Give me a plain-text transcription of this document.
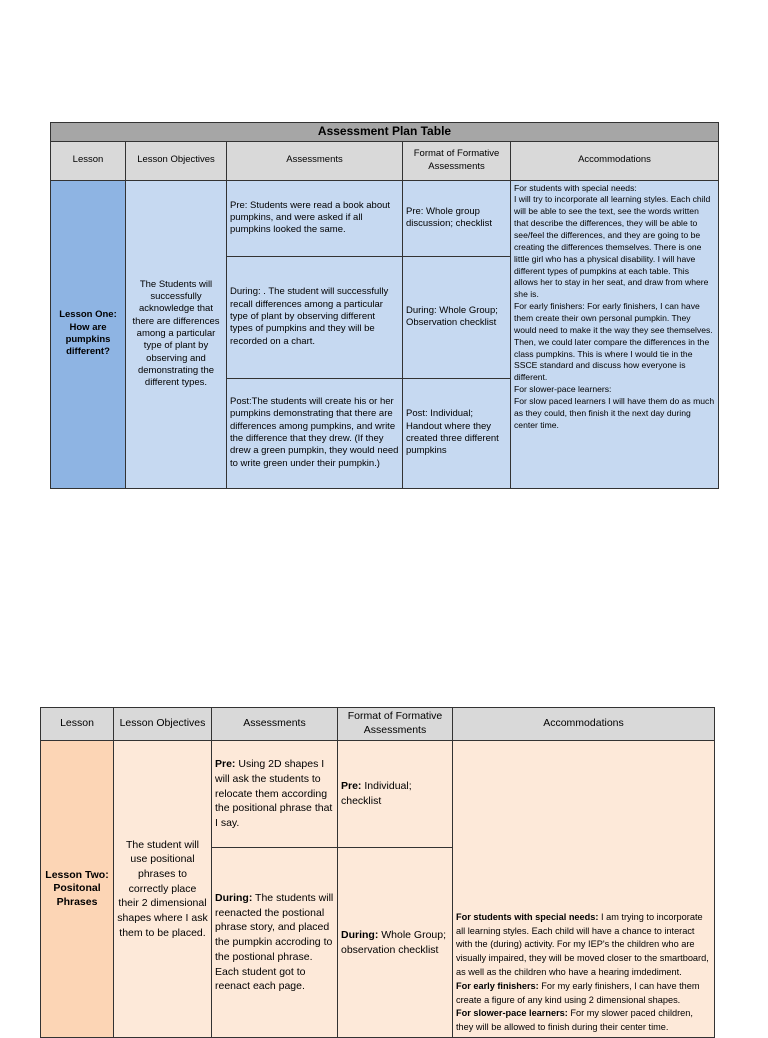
Assessment Plan Table				
Lesson	Lesson Objectives	Assessments	Format of Formative Assessments	Accommodations
Lesson One: How are pumpkins different?	The Students will successfully acknowledge that there are differences among a particular type of plant by observing and demonstrating the different types.	Pre: Students were read a book about pumpkins, and were asked if all pumpkins looked the same.	Pre: Whole group discussion; checklist	For students with special needs:
I will try to incorporate all learning styles. Each child will be able to see the text, see the words written that describe the differences, they will be able to see/feel the differences, and they are going to be creating the differences themselves. There is one little girl who has a physical disability. I will have different types of pumpkins at each table. This allows her to stay in her seat, and draw from where she is.
For early finishers: For early finishers, I can have them create their own personal pumpkin. They would need to make it the way they see themselves. Then, we could later compare the differences in the class pumpkins. This is where I would tie in the SSCE standard and discuss how everyone is different.
For slower-pace learners:
For slow paced learners I will have them do as much as they could, then finish it the next day during center time.

		During: . The student will successfully recall differences among a particular type of plant by observing different types of pumpkins and they will be recorded on a chart.	During: Whole Group; Observation checklist	
		Post:The students will create his or her pumpkins demonstrating that there are differences among pumpkins, and write the difference that they drew. (If they drew a green pumpkin, they would need to write green under their pumpkin.)	Post: Individual; Handout where they created three different pumpkins	
Lesson	Lesson Objectives	Assessments	Format of Formative Assessments	Accommodations
Lesson Two: Positonal Phrases	The student will use positional phrases to correctly place their 2 dimensional shapes where I ask them to be placed.	Pre: Using 2D shapes I will ask the students to relocate them according the positional phrase that I say.	Pre: Individual; checklist	For students with special needs: I am trying to incorporate all learning styles. Each child will have a chance to interact with the (during) activity. For my IEP's the children who are visually impaired, they will be moved closer to the smartboard, as well as the children who have a hearing imdediment.
For early finishers: For my early finishers, I can have them create a figure of any kind using 2 dimensional shapes.
For slower-pace learners: For my slower paced children, they will be allowed to finish during their center time.

		During: The students will reenacted the postional phrase story, and placed the pumpkin accroding to the postional phrase. Each student got to reenact each page.	During: Whole Group; observation checklist	
